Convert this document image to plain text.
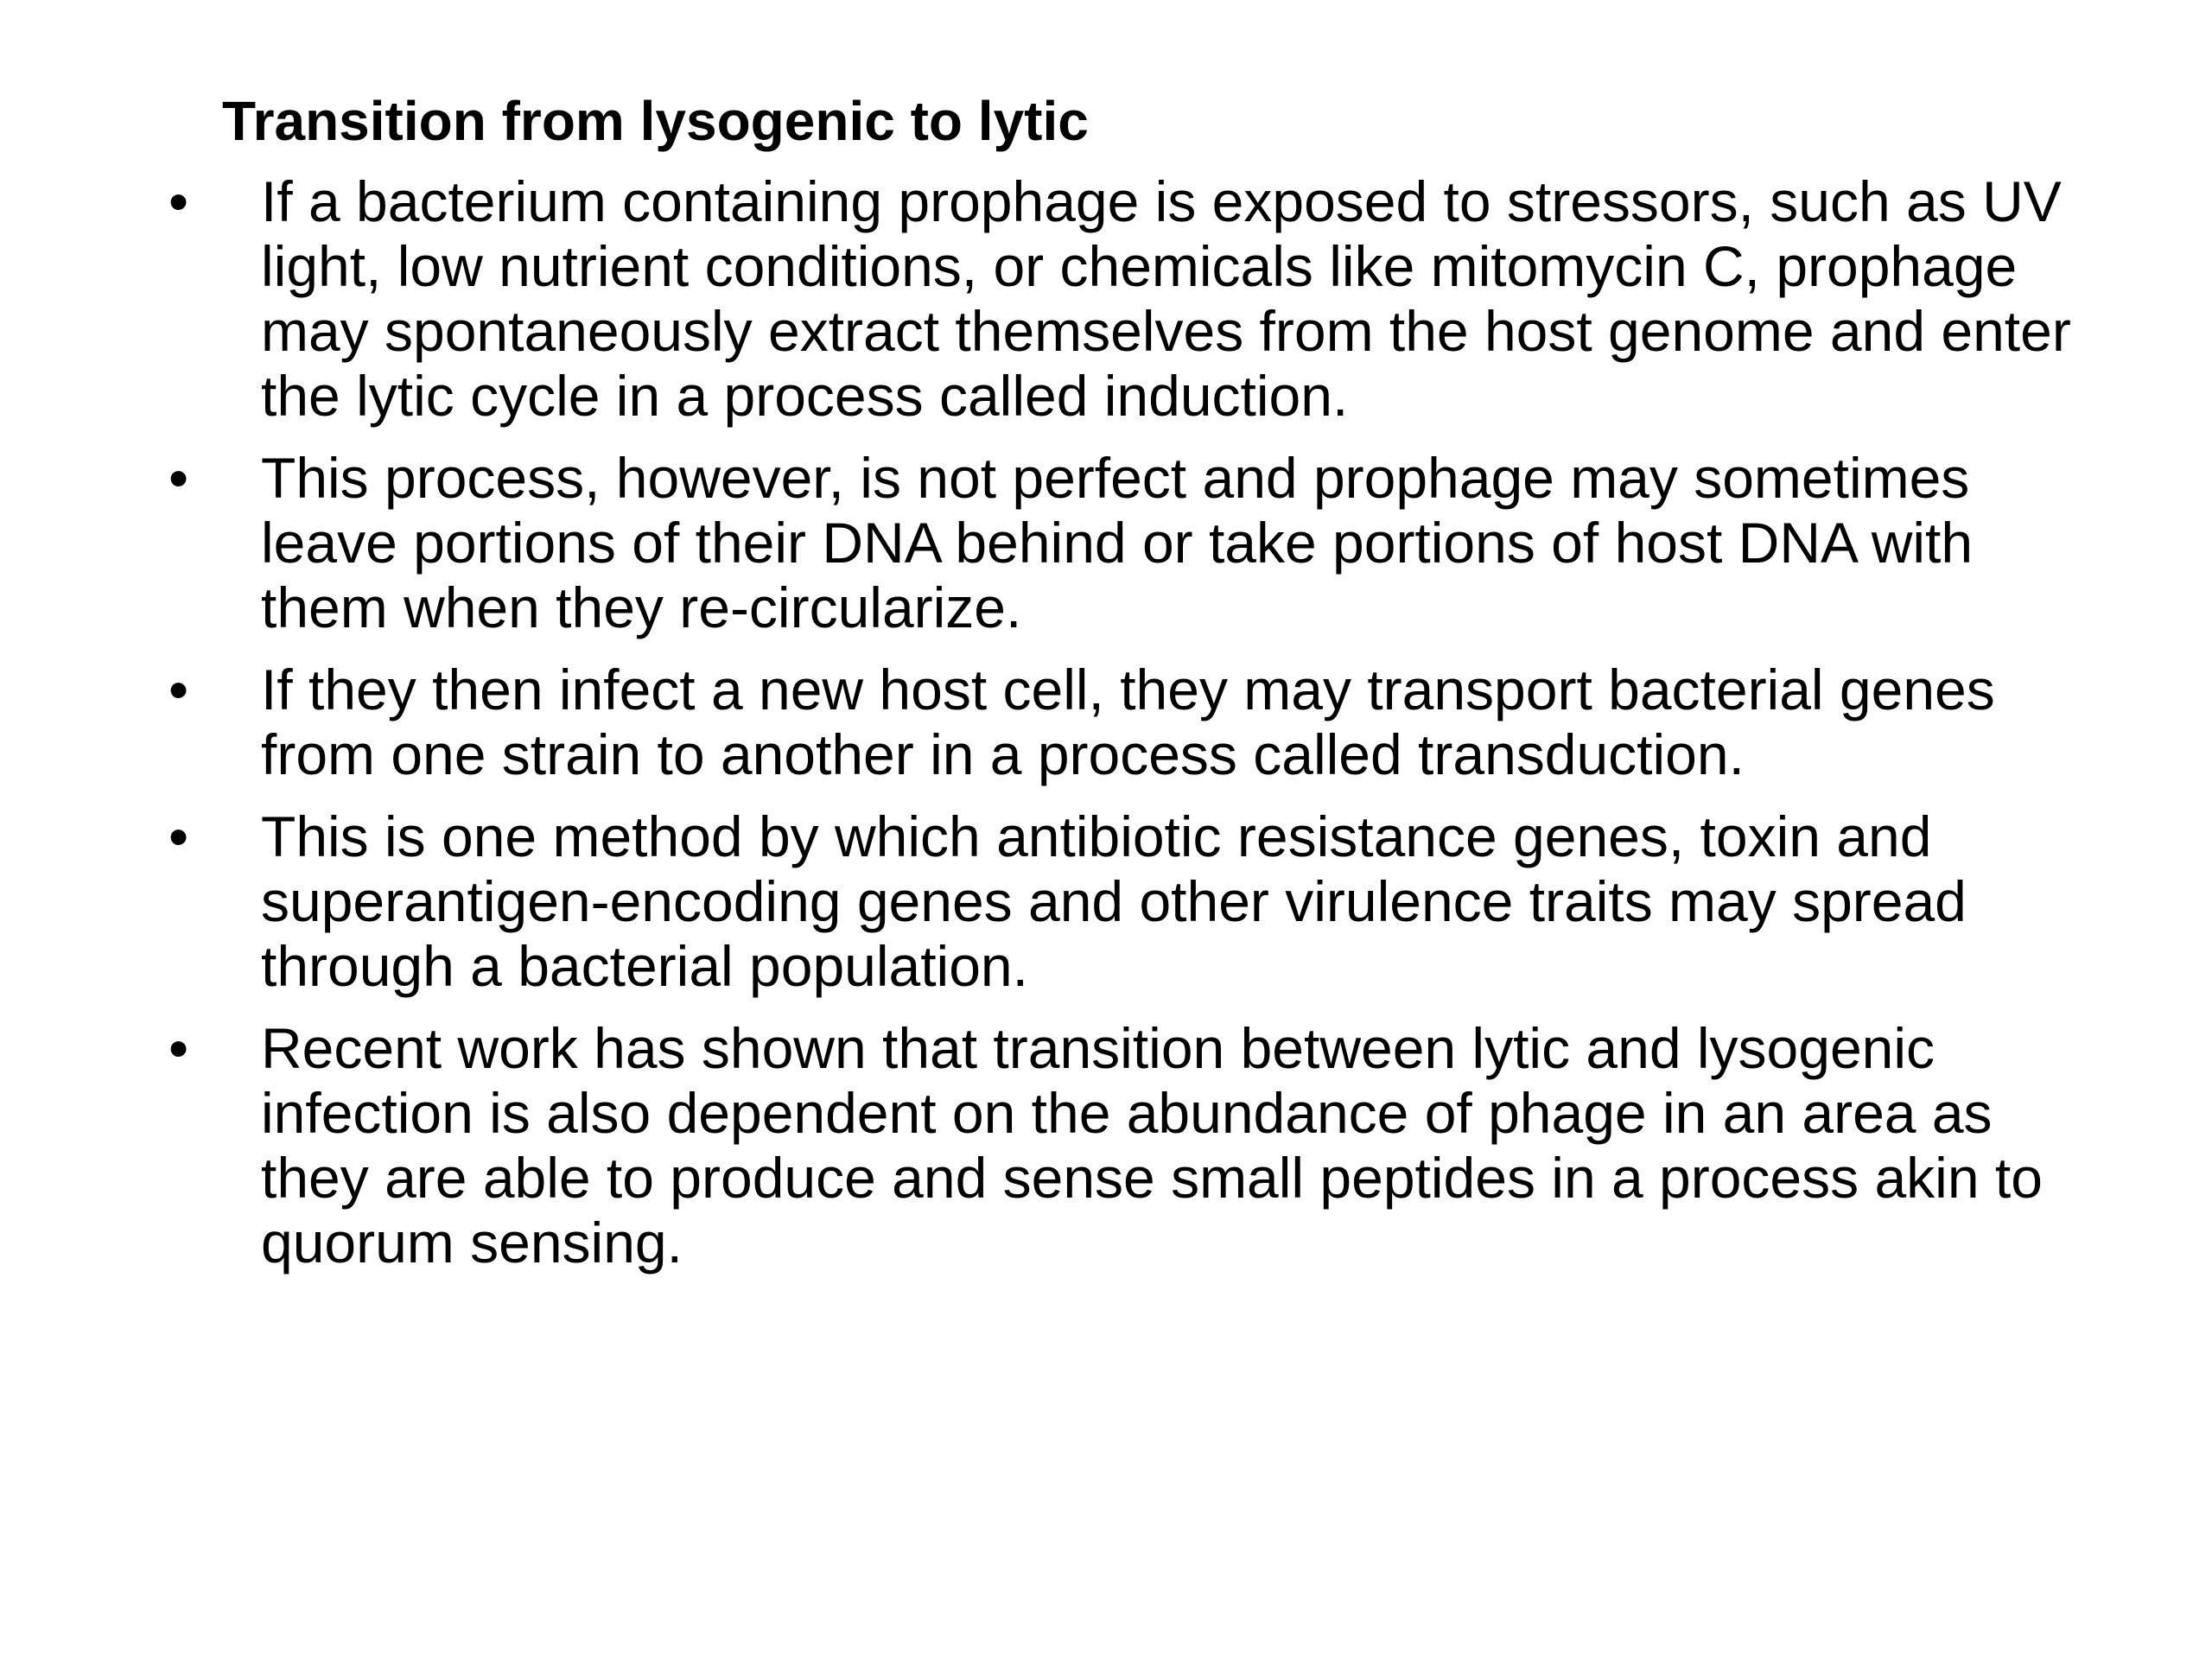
Transition from lysogenic to lytic
• If a bacterium containing prophage is exposed to stressors, such as UV light, low nutrient conditions, or chemicals like mitomycin C, prophage may spontaneously extract themselves from the host genome and enter the lytic cycle in a process called induction.
• This process, however, is not perfect and prophage may sometimes leave portions of their DNA behind or take portions of host DNA with them when they re-circularize.
• If they then infect a new host cell, they may transport bacterial genes from one strain to another in a process called transduction.
• This is one method by which antibiotic resistance genes, toxin and superantigen-encoding genes and other virulence traits may spread through a bacterial population.
• Recent work has shown that transition between lytic and lysogenic infection is also dependent on the abundance of phage in an area as they are able to produce and sense small peptides in a process akin to quorum sensing.
